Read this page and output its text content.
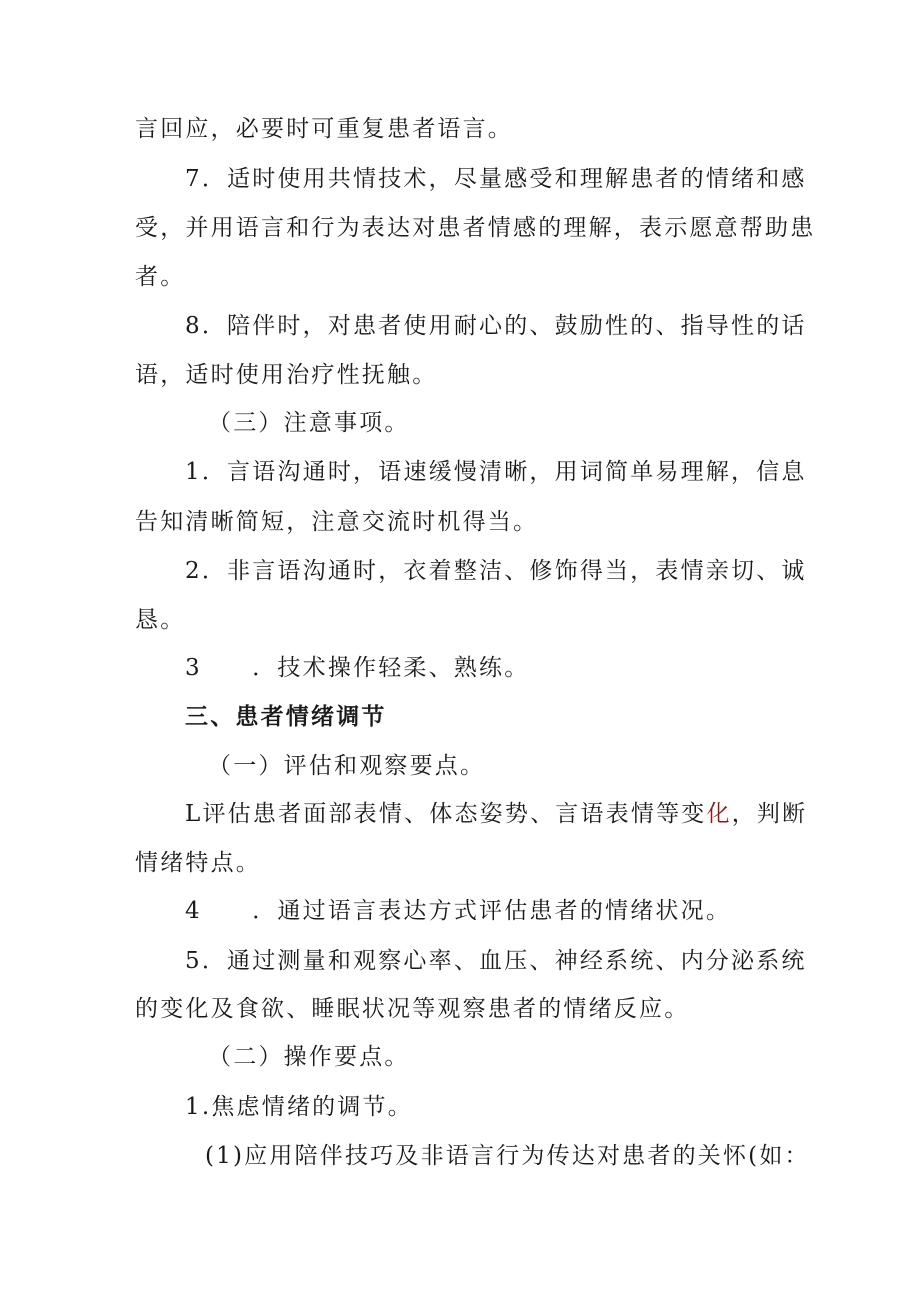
言回应，必要时可重复患者语言。
7．适时使用共情技术，尽量感受和理解患者的情绪和感
受，并用语言和行为表达对患者情感的理解，表示愿意帮助患
者。
8．陪伴时，对患者使用耐心的、鼓励性的、指导性的话
语，适时使用治疗性抚触。
（三）注意事项。
1．言语沟通时，语速缓慢清晰，用词简单易理解，信息
告知清晰简短，注意交流时机得当。
2．非言语沟通时，衣着整洁、修饰得当，表情亲切、诚
恳。
3　　．技术操作轻柔、熟练。
三、患者情绪调节
（一）评估和观察要点。
L评估患者面部表情、体态姿势、言语表情等变化，判断
情绪特点。
4　　．通过语言表达方式评估患者的情绪状况。
5．通过测量和观察心率、血压、神经系统、内分泌系统
的变化及食欲、睡眠状况等观察患者的情绪反应。
（二）操作要点。
1.焦虑情绪的调节。
(1)应用陪伴技巧及非语言行为传达对患者的关怀(如：
